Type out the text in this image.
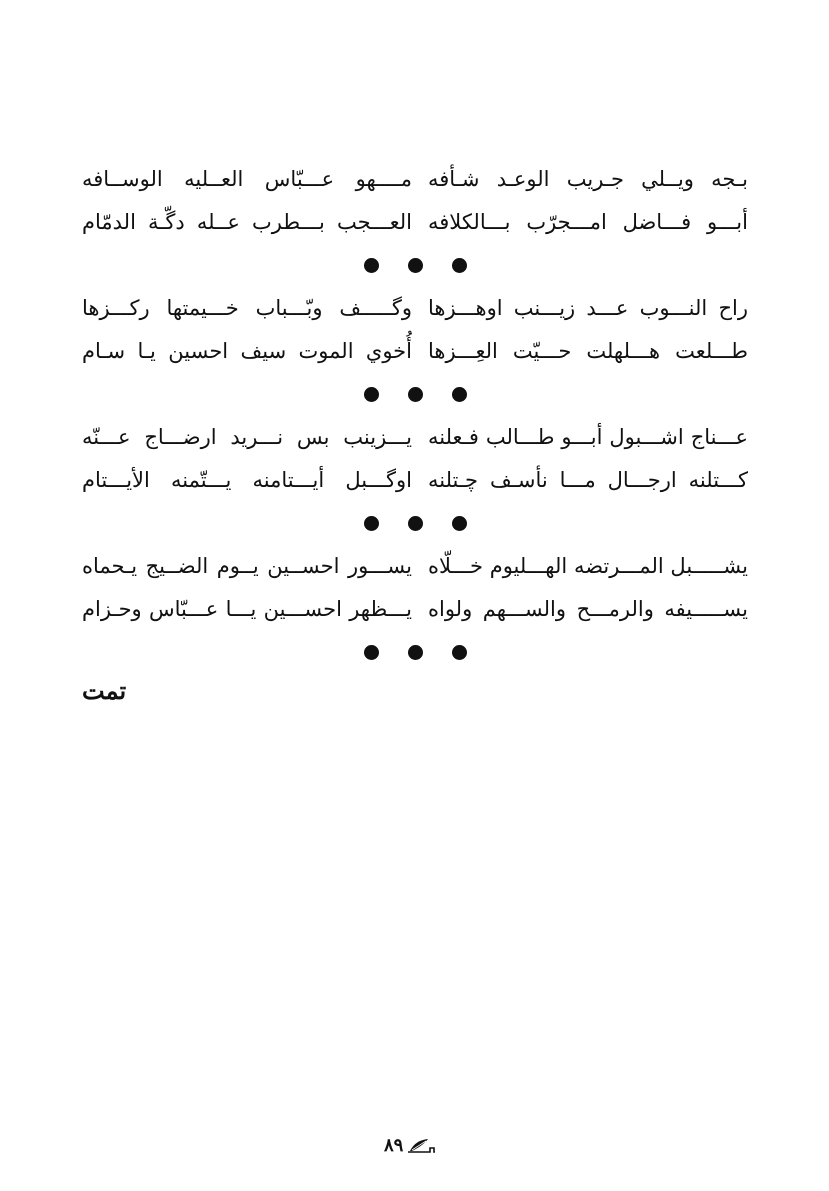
بـجه ويــلي جـريب الوعـد شـأفه
مــــهو عـــبّاس العــليه الوســافه
أبـــو فـــاضل امـــجرّب بـــالكلافه
العـــجب بـــطرب عــله دگّـة الدمّام
راح النـــوب عـــد زيـــنب اوهـــزها
وگـــــف وبّـــباب خـــيمتها ركـــزها
طـــلعت هـــلهلت حـــيّت العِـــزها
أُخوي الموت سيف احسين يـا سـام
عـــناج اشـــبول أبـــو طـــالب فـعلنه
يـــزينب بس نـــريد ارضـــاج عـــنّه
كـــتلنه ارجـــال مـــا نأسـف چـتلنه
اوگـــبل أيـــتامنه يـــتّمنه الأيـــتام
يشـــــبل المـــرتضه الهـــليوم خـــلّاه
يســـور احســين يــوم الضــيج يـحماه
يســـــيفه والرمـــح والســـهم ولواه
يـــظهر احســـين يـــا عـــبّاس وحـزام
تمت
٨٩
